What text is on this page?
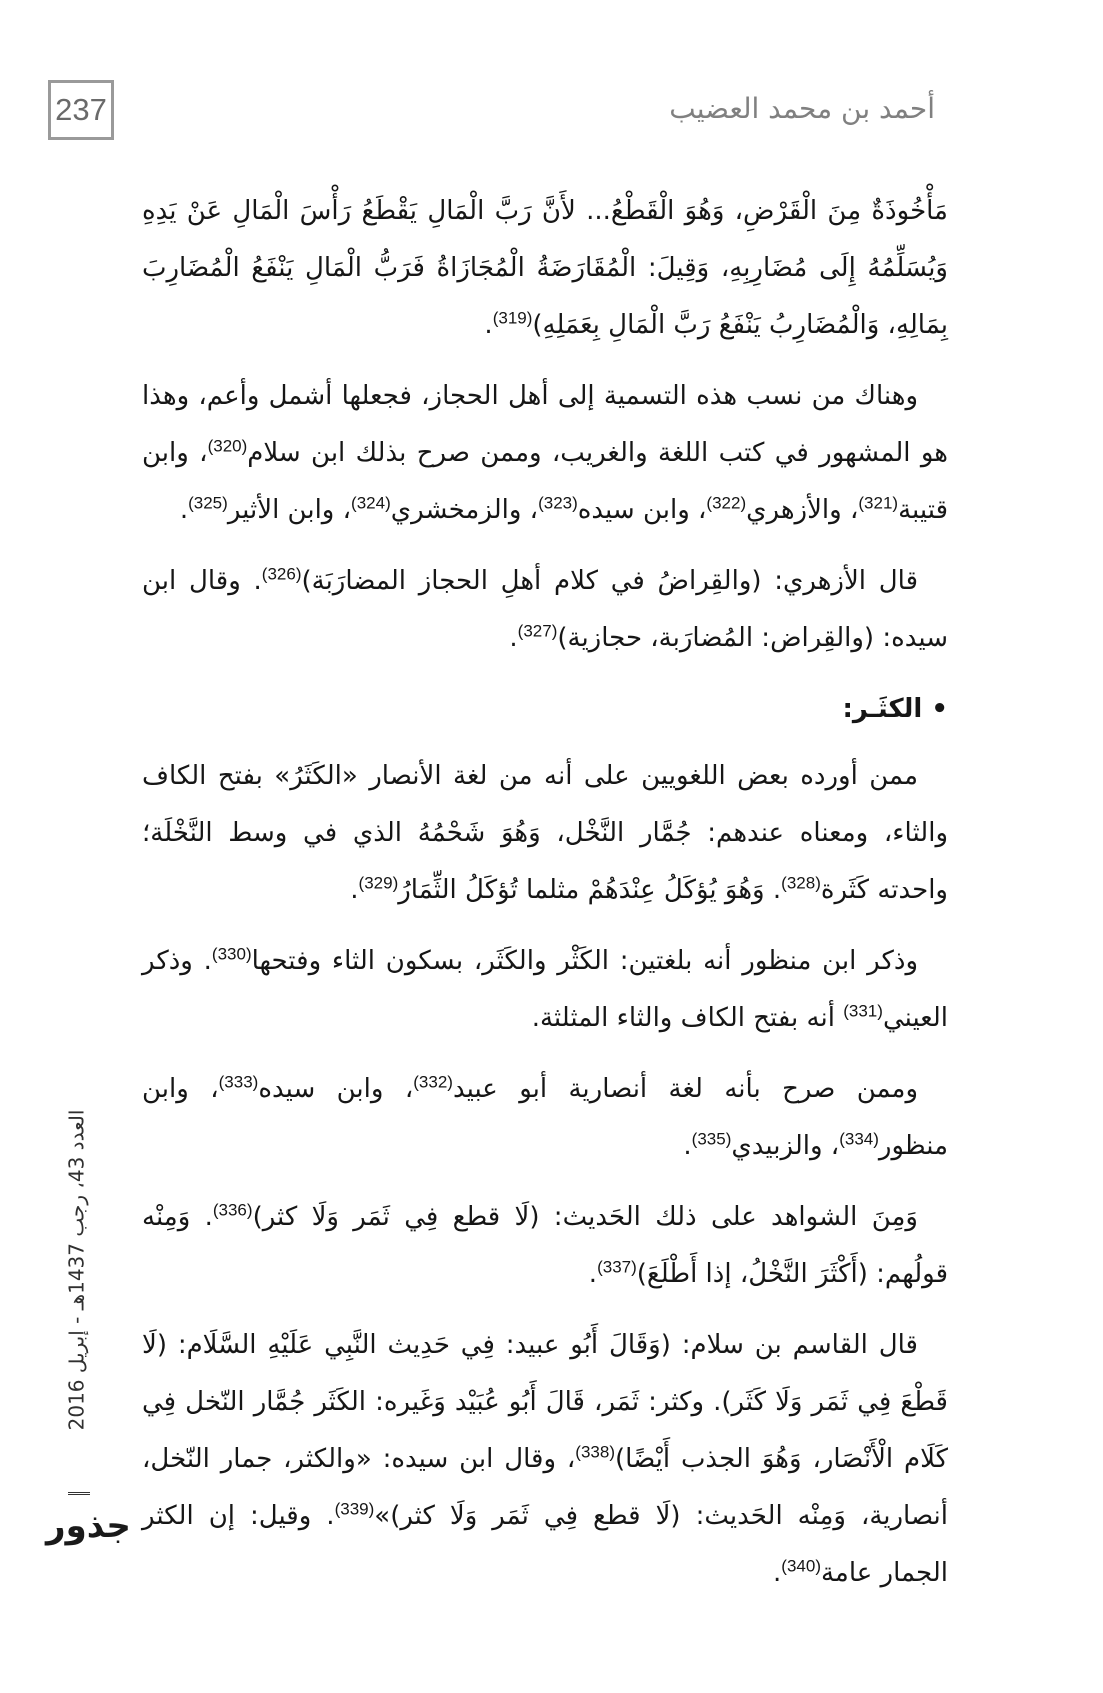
237	أحمد بن محمد العضيب

مَأْخُوذَةٌ مِنَ الْقَرْضِ، وَهُوَ الْقَطْعُ... لأَنَّ رَبَّ الْمَالِ يَقْطَعُ رَأْسَ الْمَالِ عَنْ يَدِهِ وَيُسَلِّمُهُ إِلَى مُضَارِبِهِ، وَقِيلَ: الْمُقَارَضَةُ الْمُجَازَاةُ فَرَبُّ الْمَالِ يَنْفَعُ الْمُضَارِبَ بِمَالِهِ، وَالْمُضَارِبُ يَنْفَعُ رَبَّ الْمَالِ بِعَمَلِهِ)$^{(319)}$.

وهناك من نسب هذه التسمية إلى أهل الحجاز، فجعلها أشمل وأعم، وهذا هو المشهور في كتب اللغة والغريب، وممن صرح بذلك ابن سلام$^{(320)}$، وابن قتيبة$^{(321)}$، والأزهري$^{(322)}$، وابن سيده$^{(323)}$، والزمخشري$^{(324)}$، وابن الأثير$^{(325)}$.

قال الأزهري: (والقِراضُ في كلام أهلِ الحجاز المضارَبَة)$^{(326)}$. وقال ابن سيده: (والقِراض: المُضارَبة، حجازية)$^{(327)}$.

• الكثَـر:

ممن أورده بعض اللغويين على أنه من لغة الأنصار «الكَثَرُ» بفتح الكاف والثاء، ومعناه عندهم: جُمَّار النَّخْل، وَهُوَ شَحْمُهُ الذي في وسط النَّخْلَة؛ واحدته كَثَرة$^{(328)}$. وَهُوَ يُؤكَلُ عِنْدَهُمْ مثلما تُؤكَلُ الثِّمَارُ$^{(329)}$.

وذكر ابن منظور أنه بلغتين: الكَثْر والكَثَر، بسكون الثاء وفتحها$^{(330)}$. وذكر العيني$^{(331)}$ أنه بفتح الكاف والثاء المثلثة.

وممن صرح بأنه لغة أنصارية أبو عبيد$^{(332)}$، وابن سيده$^{(333)}$، وابن منظور$^{(334)}$، والزبيدي$^{(335)}$.

وَمِنَ الشواهد على ذلك الحَديث: (لَا قطع فِي ثَمَر وَلَا كثر)$^{(336)}$. وَمِنْه قولُهم: (أَكْثَرَ النَّخْلُ، إذا أَطْلَعَ)$^{(337)}$.

قال القاسم بن سلام: (وَقَالَ أَبُو عبيد: فِي حَدِيث النَّبِي عَلَيْهِ السَّلَام: (لَا قَطْعَ فِي ثَمَر وَلَا كَثَر). وكثر: ثَمَر، قَالَ أَبُو عُبَيْد وَغَيره: الكَثَر جُمَّار النّخل فِي كَلَام الْأَنْصَار، وَهُوَ الجذب أَيْضًا)$^{(338)}$، وقال ابن سيده: «والكثر، جمار النّخل، أنصارية، وَمِنْه الحَديث: (لَا قطع فِي ثَمَر وَلَا كثر)»$^{(339)}$. وقيل: إن الكثر الجمار عامة$^{(340)}$.

العدد 43، رجب 1437هـ - إبريل 2016
جذور
